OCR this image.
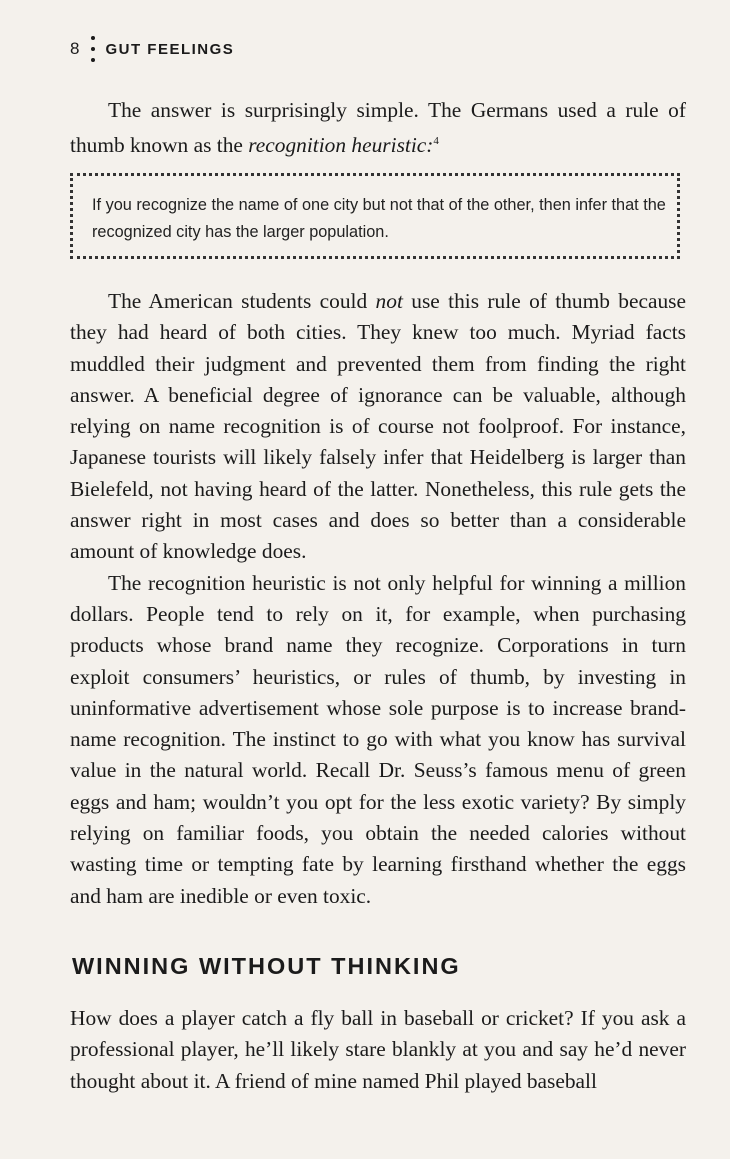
8 GUT FEELINGS

The answer is surprisingly simple. The Germans used a rule of thumb known as the recognition heuristic:$^4$

If you recognize the name of one city but not that of the other, then infer that the recognized city has the larger population.

The American students could not use this rule of thumb because they had heard of both cities. They knew too much. Myriad facts muddled their judgment and prevented them from finding the right answer. A beneficial degree of ignorance can be valuable, although relying on name recognition is of course not foolproof. For instance, Japanese tourists will likely falsely infer that Heidelberg is larger than Bielefeld, not having heard of the latter. Nonetheless, this rule gets the answer right in most cases and does so better than a considerable amount of knowledge does.

The recognition heuristic is not only helpful for winning a million dollars. People tend to rely on it, for example, when purchasing products whose brand name they recognize. Corporations in turn exploit consumers’ heuristics, or rules of thumb, by investing in uninformative advertisement whose sole purpose is to increase brand-name recognition. The instinct to go with what you know has survival value in the natural world. Recall Dr. Seuss’s famous menu of green eggs and ham; wouldn’t you opt for the less exotic variety? By simply relying on familiar foods, you obtain the needed calories without wasting time or tempting fate by learning firsthand whether the eggs and ham are inedible or even toxic.

WINNING WITHOUT THINKING

How does a player catch a fly ball in baseball or cricket? If you ask a professional player, he’ll likely stare blankly at you and say he’d never thought about it. A friend of mine named Phil played baseball
